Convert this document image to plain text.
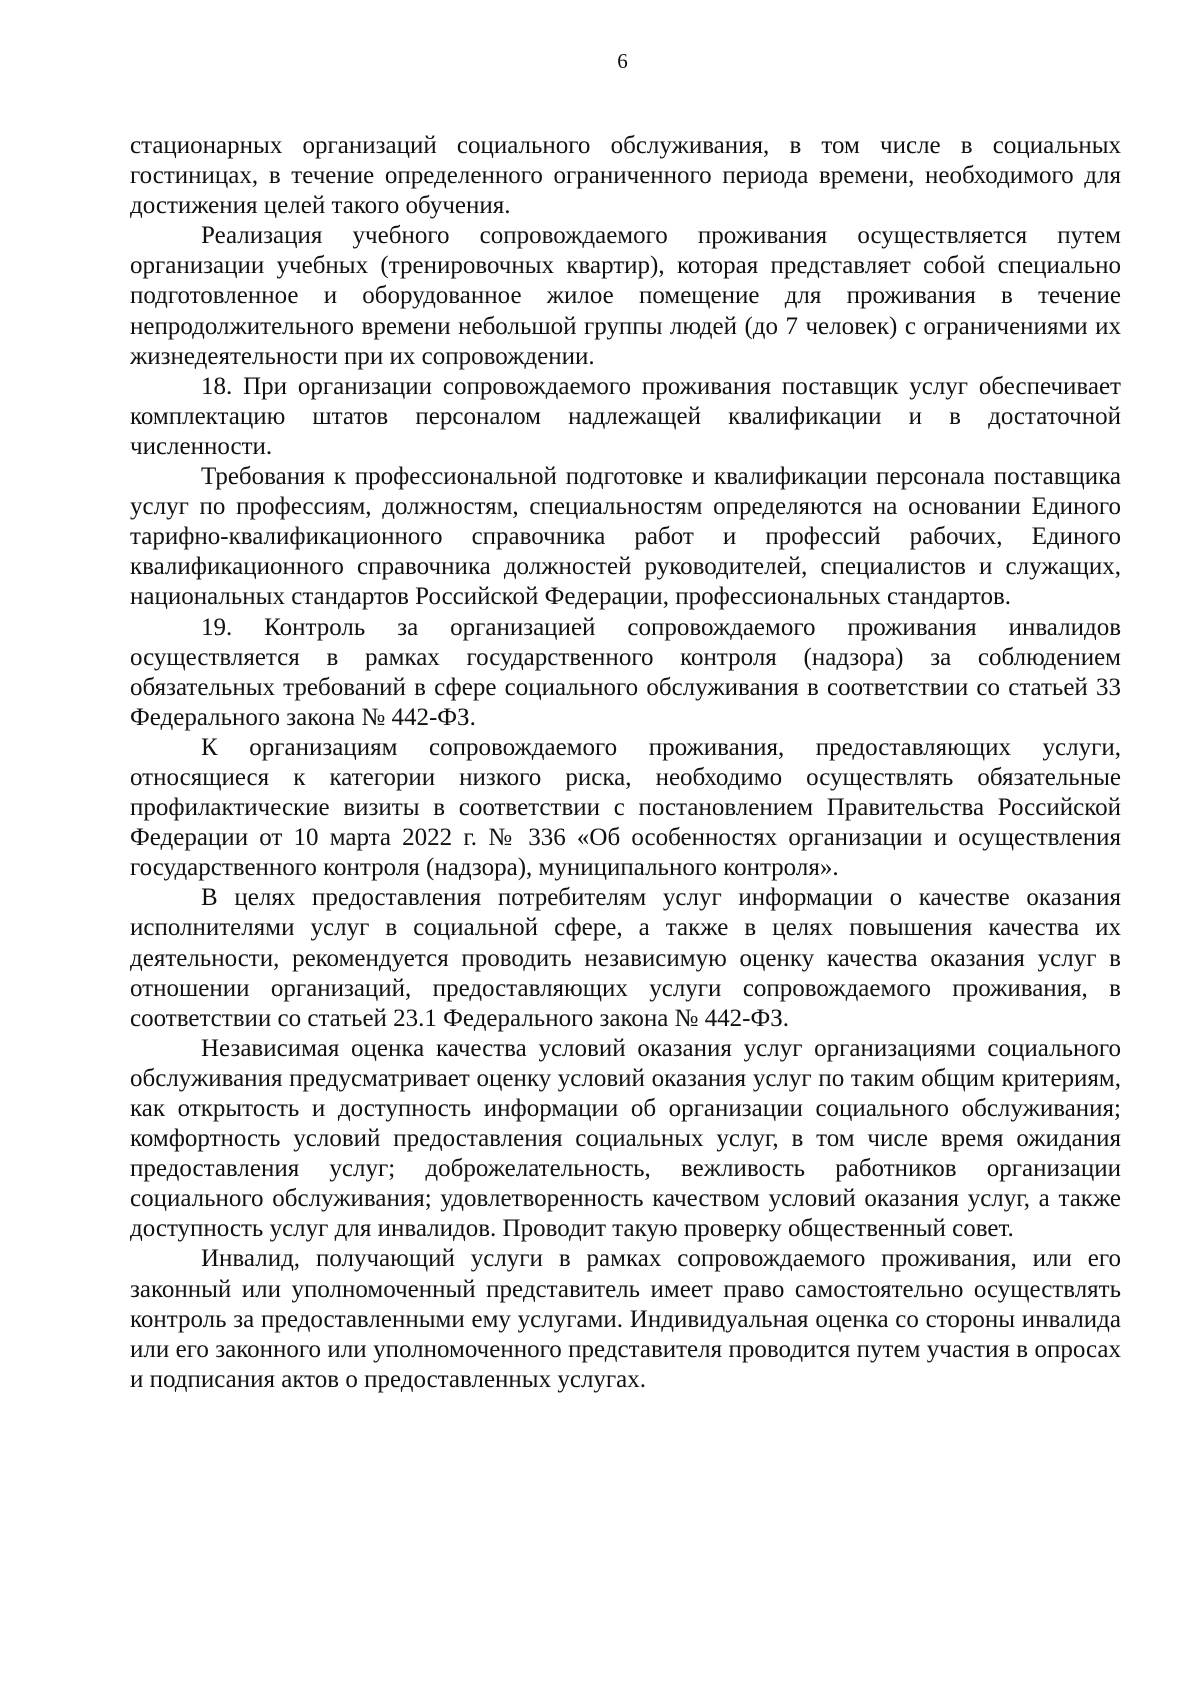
6

стационарных организаций социального обслуживания, в том числе в социальных гостиницах, в течение определенного ограниченного периода времени, необходимого для достижения целей такого обучения.

Реализация учебного сопровождаемого проживания осуществляется путем организации учебных (тренировочных квартир), которая представляет собой специально подготовленное и оборудованное жилое помещение для проживания в течение непродолжительного времени небольшой группы людей (до 7 человек) с ограничениями их жизнедеятельности при их сопровождении.

18. При организации сопровождаемого проживания поставщик услуг обеспечивает комплектацию штатов персоналом надлежащей квалификации и в достаточной численности.

Требования к профессиональной подготовке и квалификации персонала поставщика услуг по профессиям, должностям, специальностям определяются на основании Единого тарифно-квалификационного справочника работ и профессий рабочих, Единого квалификационного справочника должностей руководителей, специалистов и служащих, национальных стандартов Российской Федерации, профессиональных стандартов.

19. Контроль за организацией сопровождаемого проживания инвалидов осуществляется в рамках государственного контроля (надзора) за соблюдением обязательных требований в сфере социального обслуживания в соответствии со статьей 33 Федерального закона № 442-ФЗ.

К организациям сопровождаемого проживания, предоставляющих услуги, относящиеся к категории низкого риска, необходимо осуществлять обязательные профилактические визиты в соответствии с постановлением Правительства Российской Федерации от 10 марта 2022 г. № 336 «Об особенностях организации и осуществления государственного контроля (надзора), муниципального контроля».

В целях предоставления потребителям услуг информации о качестве оказания исполнителями услуг в социальной сфере, а также в целях повышения качества их деятельности, рекомендуется проводить независимую оценку качества оказания услуг в отношении организаций, предоставляющих услуги сопровождаемого проживания, в соответствии со статьей 23.1 Федерального закона № 442-ФЗ.

Независимая оценка качества условий оказания услуг организациями социального обслуживания предусматривает оценку условий оказания услуг по таким общим критериям, как открытость и доступность информации об организации социального обслуживания; комфортность условий предоставления социальных услуг, в том числе время ожидания предоставления услуг; доброжелательность, вежливость работников организации социального обслуживания; удовлетворенность качеством условий оказания услуг, а также доступность услуг для инвалидов. Проводит такую проверку общественный совет.

Инвалид, получающий услуги в рамках сопровождаемого проживания, или его законный или уполномоченный представитель имеет право самостоятельно осуществлять контроль за предоставленными ему услугами. Индивидуальная оценка со стороны инвалида или его законного или уполномоченного представителя проводится путем участия в опросах и подписания актов о предоставленных услугах.
